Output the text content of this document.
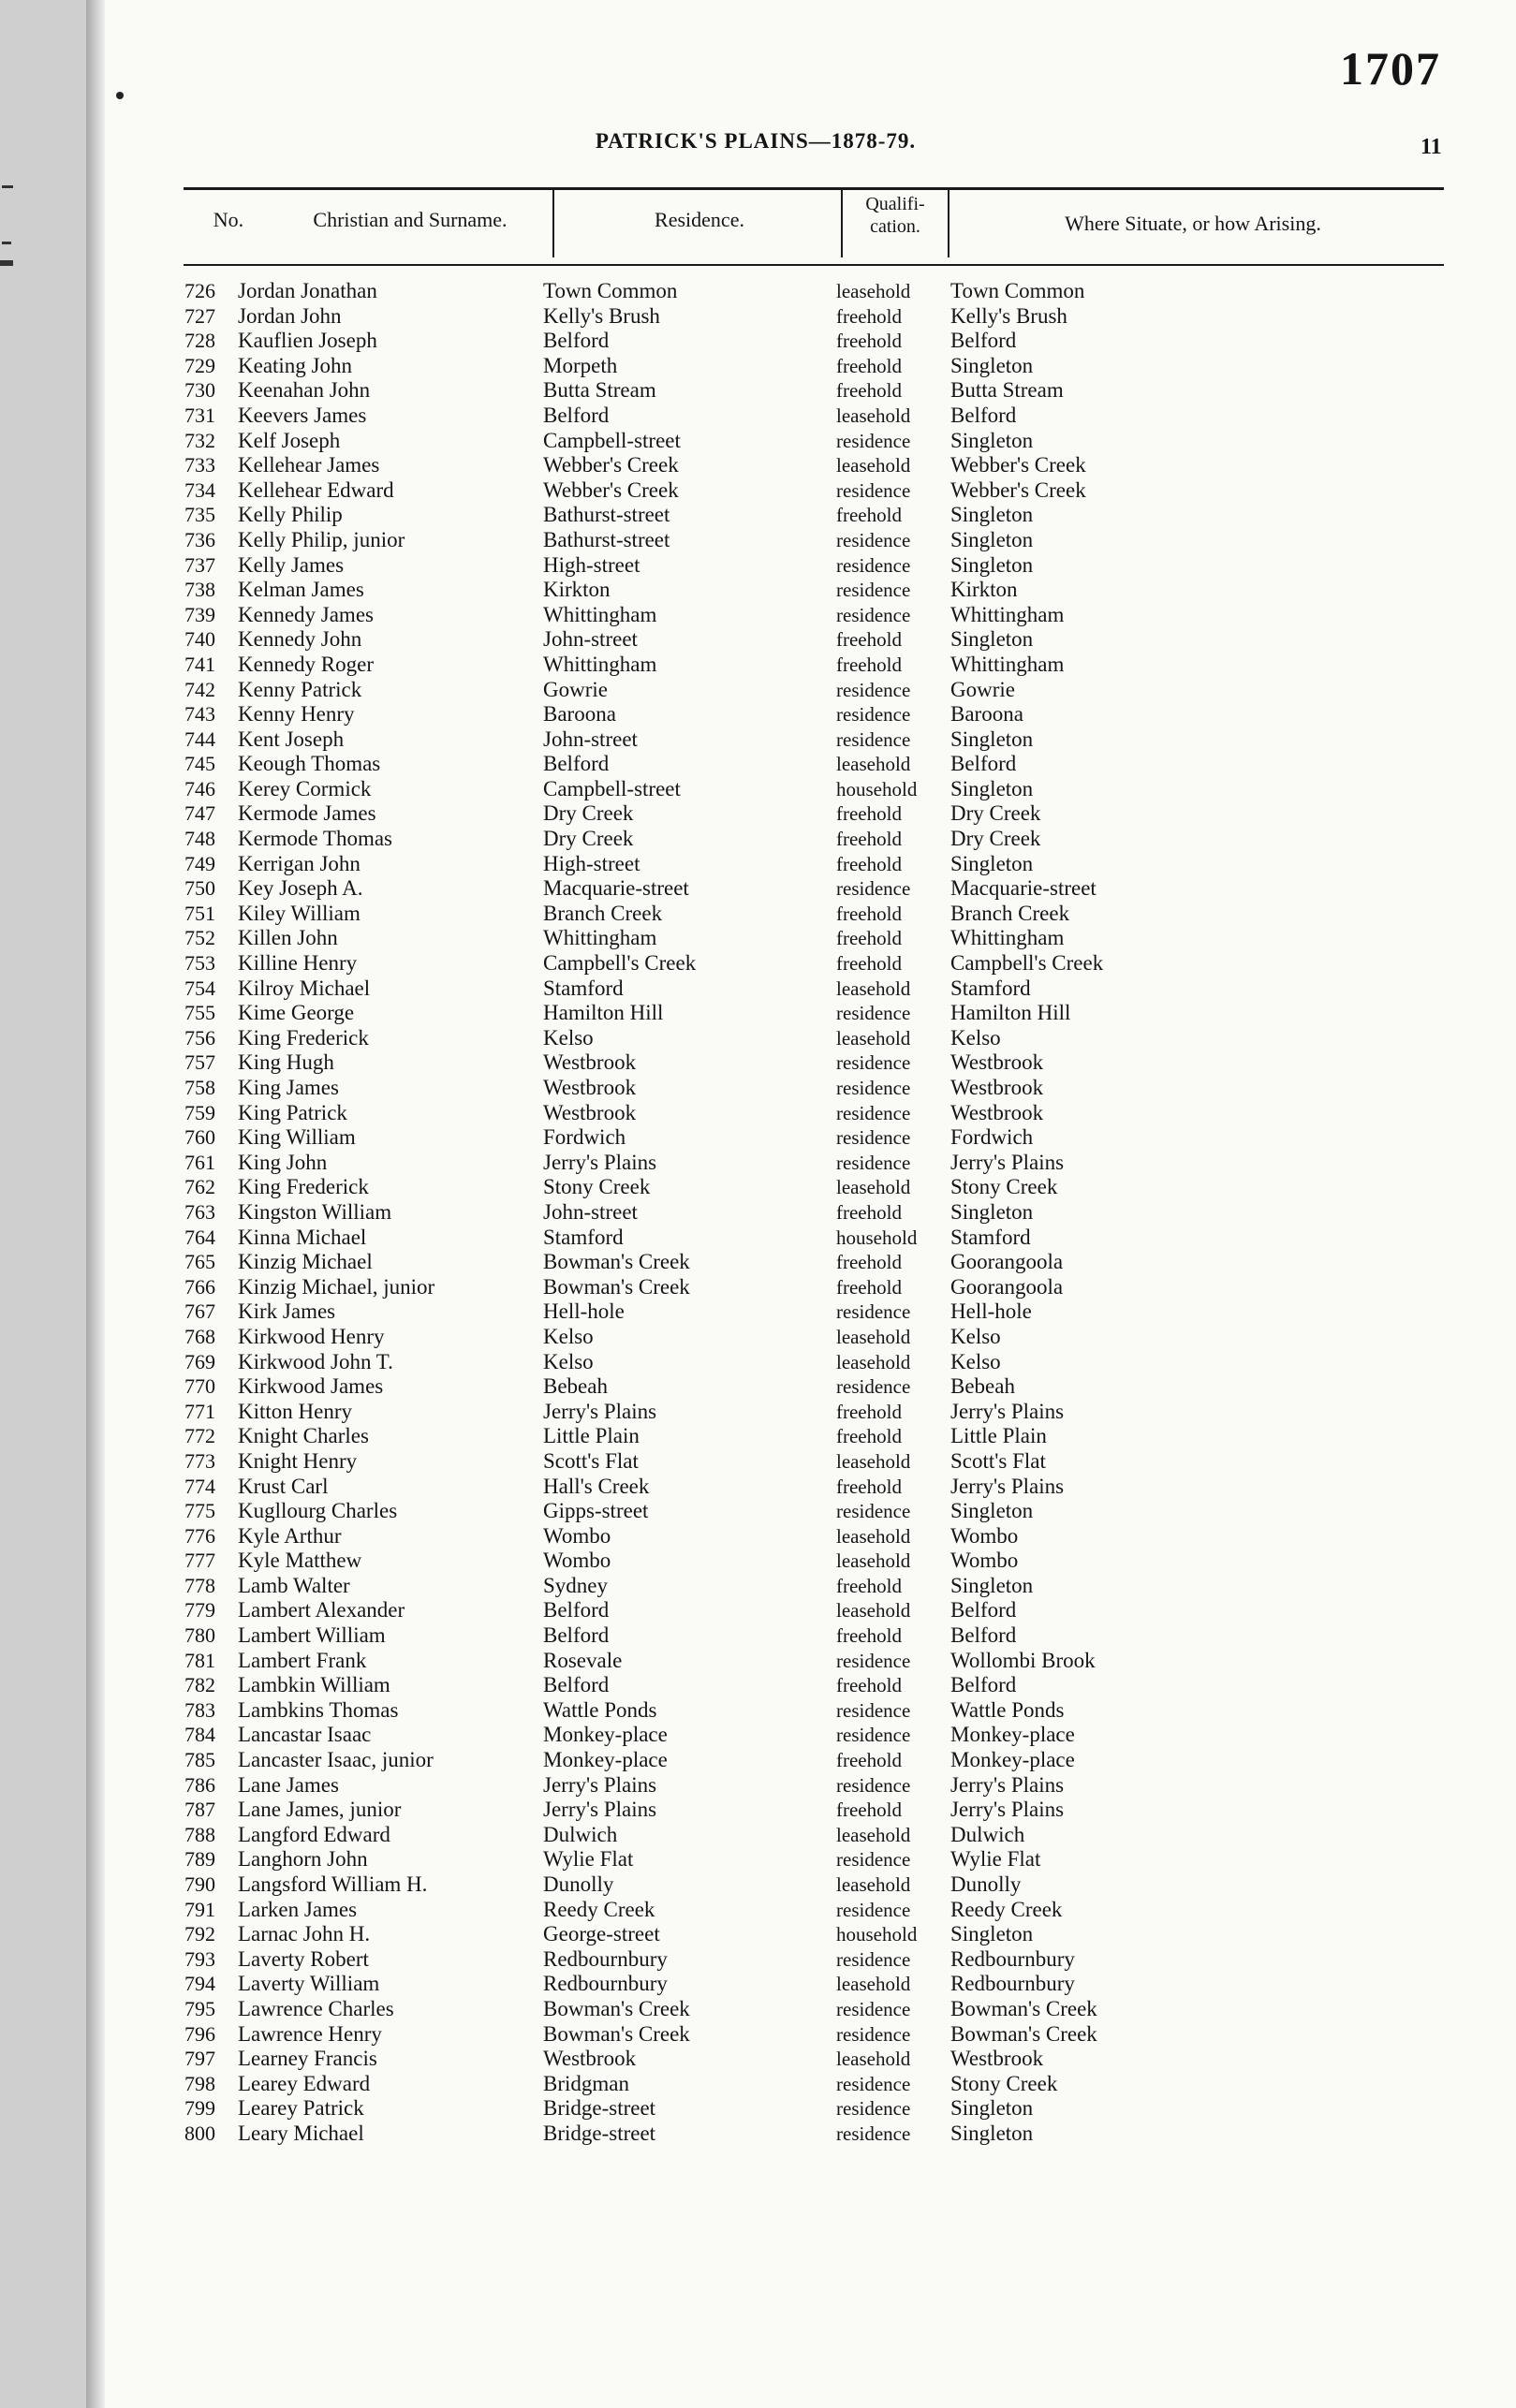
1707
PATRICK'S PLAINS—1878-79.	11
No.	Christian and Surname.	Residence.
Qualifi-
cation.	Where Situate, or how Arising.
726 Jordan Jonathan	Town Common	leasehold Town Common
727 Jordan John	Kelly's Brush	freehold Kelly's Brush
728 Kauflien Joseph	Belford	freehold Belford
729 Keating John	Morpeth	freehold Singleton
730 Keenahan John	Butta Stream	freehold Butta Stream
731 Keevers James	Belford	leasehold Belford
732 Kelf Joseph	Campbell-street	residence Singleton
733 Kellehear James	Webber's Creek	leasehold Webber's Creek
734 Kellehear Edward	Webber's Creek	residence Webber's Creek
735 Kelly Philip	Bathurst-street	freehold Singleton
736 Kelly Philip, junior	Bathurst-street	residence Singleton
737 Kelly James	High-street	residence Singleton
738 Kelman James	Kirkton	residence Kirkton
739 Kennedy James	Whittingham	residence Whittingham
740 Kennedy John	John-street	freehold Singleton
741 Kennedy Roger	Whittingham	freehold Whittingham
742 Kenny Patrick	Gowrie	residence Gowrie
743 Kenny Henry	Baroona	residence Baroona
744 Kent Joseph	John-street	residence Singleton
745 Keough Thomas	Belford	leasehold Belford
746 Kerey Cormick	Campbell-street	household Singleton
747 Kermode James	Dry Creek	freehold Dry Creek
748 Kermode Thomas	Dry Creek	freehold Dry Creek
749 Kerrigan John	High-street	freehold Singleton
750 Key Joseph A.	Macquarie-street	residence Macquarie-street
751 Kiley William	Branch Creek	freehold Branch Creek
752 Killen John	Whittingham	freehold Whittingham
753 Killine Henry	Campbell's Creek	freehold Campbell's Creek
754 Kilroy Michael	Stamford	leasehold Stamford
755 Kime George	Hamilton Hill	residence Hamilton Hill
756 King Frederick	Kelso	leasehold Kelso
757 King Hugh	Westbrook	residence Westbrook
758 King James	Westbrook	residence Westbrook
759 King Patrick	Westbrook	residence Westbrook
760 King William	Fordwich	residence Fordwich
761 King John	Jerry's Plains	residence Jerry's Plains
762 King Frederick	Stony Creek	leasehold Stony Creek
763 Kingston William	John-street	freehold Singleton
764 Kinna Michael	Stamford	household Stamford
765 Kinzig Michael	Bowman's Creek	freehold Goorangoola
766 Kinzig Michael, junior	Bowman's Creek	freehold Goorangoola
767 Kirk James	Hell-hole	residence Hell-hole
768 Kirkwood Henry	Kelso	leasehold Kelso
769 Kirkwood John T.	Kelso	leasehold Kelso
770 Kirkwood James	Bebeah	residence Bebeah
771 Kitton Henry	Jerry's Plains	freehold Jerry's Plains
772 Knight Charles	Little Plain	freehold Little Plain
773 Knight Henry	Scott's Flat	leasehold Scott's Flat
774 Krust Carl	Hall's Creek	freehold Jerry's Plains
775 Kugllourg Charles	Gipps-street	residence Singleton
776 Kyle Arthur	Wombo	leasehold Wombo
777 Kyle Matthew	Wombo	leasehold Wombo
778 Lamb Walter	Sydney	freehold Singleton
779 Lambert Alexander	Belford	leasehold Belford
780 Lambert William	Belford	freehold Belford
781 Lambert Frank	Rosevale	residence Wollombi Brook
782 Lambkin William	Belford	freehold Belford
783 Lambkins Thomas	Wattle Ponds	residence Wattle Ponds
784 Lancastar Isaac	Monkey-place	residence Monkey-place
785 Lancaster Isaac, junior	Monkey-place	freehold Monkey-place
786 Lane James	Jerry's Plains	residence Jerry's Plains
787 Lane James, junior	Jerry's Plains	freehold Jerry's Plains
788 Langford Edward	Dulwich	leasehold Dulwich
789 Langhorn John	Wylie Flat	residence Wylie Flat
790 Langsford William H.	Dunolly	leasehold Dunolly
791 Larken James	Reedy Creek	residence Reedy Creek
792 Larnac John H.	George-street	household Singleton
793 Laverty Robert	Redbournbury	residence Redbournbury
794 Laverty William	Redbournbury	leasehold Redbournbury
795 Lawrence Charles	Bowman's Creek	residence Bowman's Creek
796 Lawrence Henry	Bowman's Creek	residence Bowman's Creek
797 Learney Francis	Westbrook	leasehold Westbrook
798 Learey Edward	Bridgman	residence Stony Creek
799 Learey Patrick	Bridge-street	residence Singleton
800 Leary Michael	Bridge-street	residence Singleton
